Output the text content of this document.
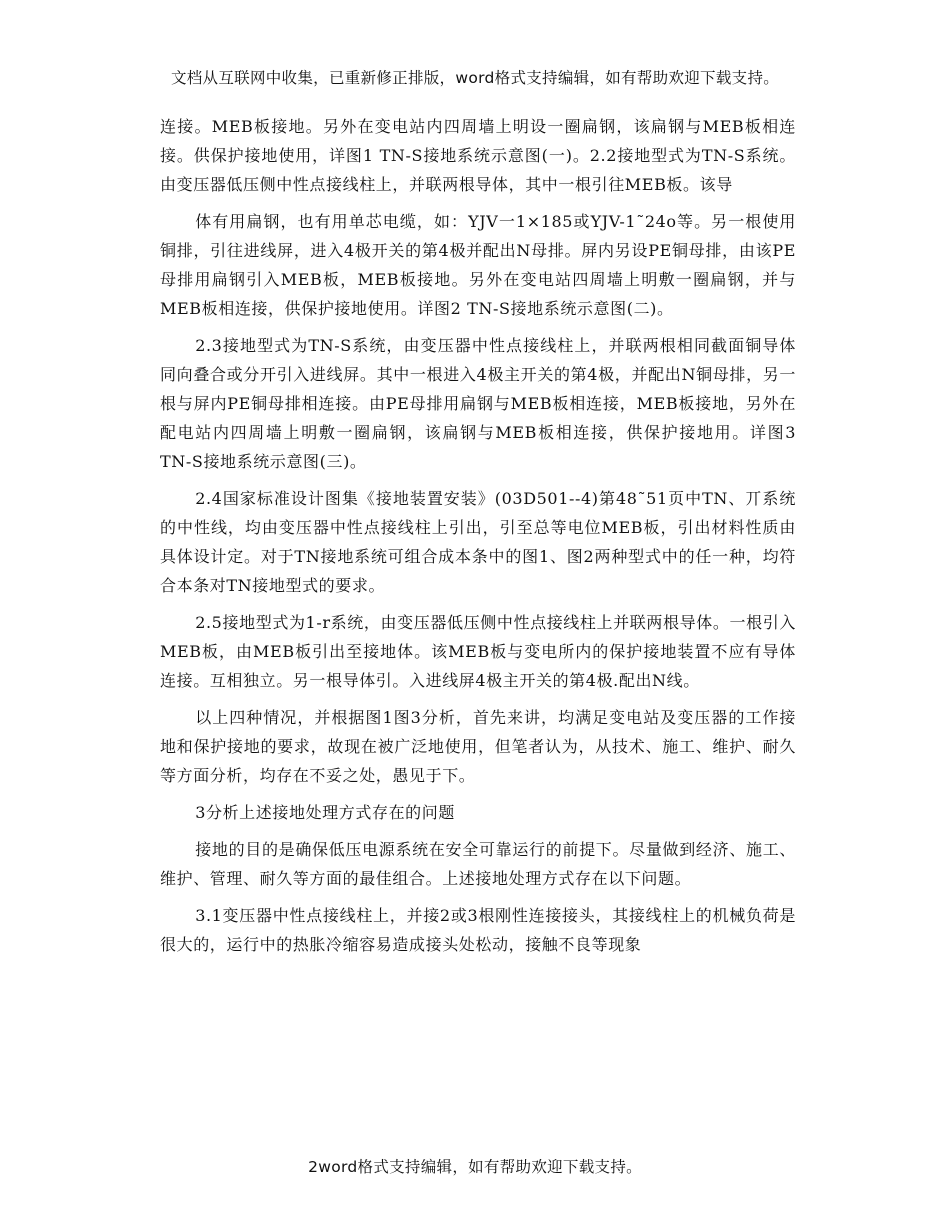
文档从互联网中收集，已重新修正排版，word格式支持编辑，如有帮助欢迎下载支持。

连接。MEB板接地。另外在变电站内四周墙上明设一圈扁钢，该扁钢与MEB板相连接。供保护接地使用，详图1 TN-S接地系统示意图(一)。2.2接地型式为TN-S系统。由变压器低压侧中性点接线柱上，并联两根导体，其中一根引往MEB板。该导

体有用扁钢，也有用单芯电缆，如：YJV一1×185或YJV-1˜24o等。另一根使用铜排，引往进线屏，进入4极开关的第4极并配出N母排。屏内另设PE铜母排，由该PE母排用扁钢引入MEB板，MEB板接地。另外在变电站四周墙上明敷一圈扁钢，并与MEB板相连接，供保护接地使用。详图2 TN-S接地系统示意图(二)。

2.3接地型式为TN-S系统，由变压器中性点接线柱上，并联两根相同截面铜导体同向叠合或分开引入进线屏。其中一根进入4极主开关的第4极，并配出N铜母排，另一根与屏内PE铜母排相连接。由PE母排用扁钢与MEB板相连接，MEB板接地，另外在配电站内四周墙上明敷一圈扁钢，该扁钢与MEB板相连接，供保护接地用。详图3 TN-S接地系统示意图(三)。

2.4国家标准设计图集《接地装置安装》(03D501--4)第48˜51页中TN、丌系统的中性线，均由变压器中性点接线柱上引出，引至总等电位MEB板，引出材料性质由具体设计定。对于TN接地系统可组合成本条中的图1、图2两种型式中的任一种，均符合本条对TN接地型式的要求。

2.5接地型式为1-r系统，由变压器低压侧中性点接线柱上并联两根导体。一根引入MEB板，由MEB板引出至接地体。该MEB板与变电所内的保护接地装置不应有导体连接。互相独立。另一根导体引。入进线屏4极主开关的第4极.配出N线。

以上四种情况，并根据图1图3分析，首先来讲，均满足变电站及变压器的工作接地和保护接地的要求，故现在被广泛地使用，但笔者认为，从技术、施工、维护、耐久等方面分析，均存在不妥之处，愚见于下。

3分析上述接地处理方式存在的问题

接地的目的是确保低压电源系统在安全可靠运行的前提下。尽量做到经济、施工、维护、管理、耐久等方面的最佳组合。上述接地处理方式存在以下问题。

3.1变压器中性点接线柱上，并接2或3根刚性连接接头，其接线柱上的机械负荷是很大的，运行中的热胀冷缩容易造成接头处松动，接触不良等现象

2word格式支持编辑，如有帮助欢迎下载支持。
